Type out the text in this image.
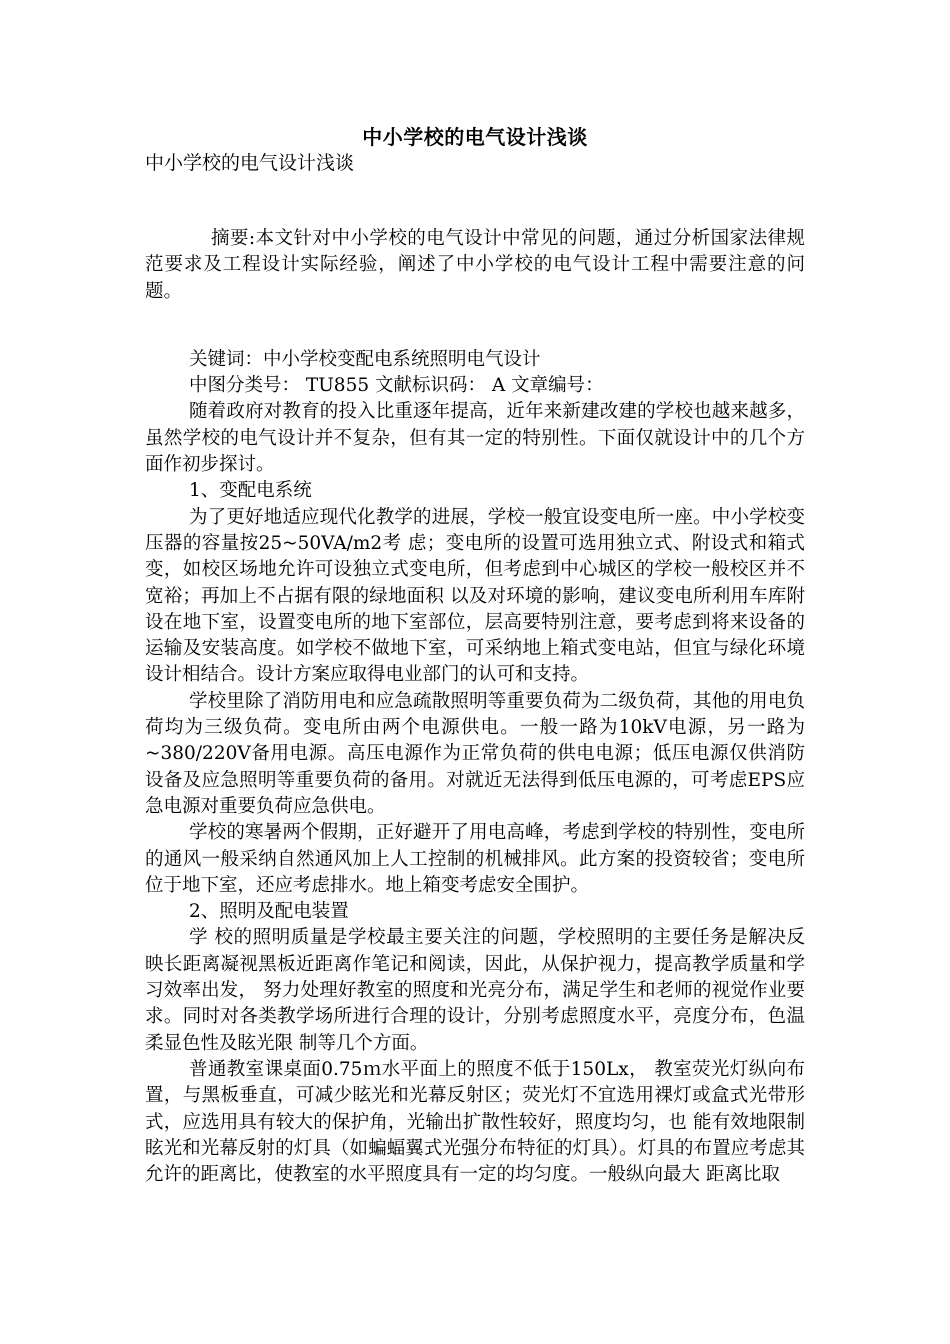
中小学校的电气设计浅谈
中小学校的电气设计浅谈

摘要:本文针对中小学校的电气设计中常见的问题，通过分析国家法律规范要求及工程设计实际经验，阐述了中小学校的电气设计工程中需要注意的问题。

关键词：中小学校变配电系统照明电气设计

中图分类号： TU855 文献标识码： A 文章编号：

随着政府对教育的投入比重逐年提高，近年来新建改建的学校也越来越多，虽然学校的电气设计并不复杂，但有其一定的特别性。下面仅就设计中的几个方面作初步探讨。

1、变配电系统

为了更好地适应现代化教学的进展，学校一般宜设变电所一座。中小学校变压器的容量按25~50VA/m2考 虑；变电所的设置可选用独立式、附设式和箱式变，如校区场地允许可设独立式变电所，但考虑到中心城区的学校一般校区并不宽裕；再加上不占据有限的绿地面积 以及对环境的影响，建议变电所利用车库附设在地下室，设置变电所的地下室部位，层高要特别注意，要考虑到将来设备的运输及安装高度。如学校不做地下室，可采纳地上箱式变电站，但宜与绿化环境设计相结合。设计方案应取得电业部门的认可和支持。

学校里除了消防用电和应急疏散照明等重要负荷为二级负荷，其他的用电负荷均为三级负荷。变电所由两个电源供电。一般一路为10kV电源，另一路为~380/220V备用电源。高压电源作为正常负荷的供电电源；低压电源仅供消防设备及应急照明等重要负荷的备用。对就近无法得到低压电源的，可考虑EPS应急电源对重要负荷应急供电。

学校的寒暑两个假期，正好避开了用电高峰，考虑到学校的特别性，变电所的通风一般采纳自然通风加上人工控制的机械排风。此方案的投资较省；变电所位于地下室，还应考虑排水。地上箱变考虑安全围护。

2、照明及配电装置

学 校的照明质量是学校最主要关注的问题，学校照明的主要任务是解决反映长距离凝视黑板近距离作笔记和阅读，因此，从保护视力，提高教学质量和学习效率出发， 努力处理好教室的照度和光亮分布，满足学生和老师的视觉作业要求。同时对各类教学场所进行合理的设计，分别考虑照度水平，亮度分布，色温柔显色性及眩光限 制等几个方面。

普通教室课桌面0.75ｍ水平面上的照度不低于150Lx， 教室荧光灯纵向布置，与黑板垂直，可减少眩光和光幕反射区；荧光灯不宜选用裸灯或盒式光带形式，应选用具有较大的保护角，光输出扩散性较好，照度均匀，也 能有效地限制眩光和光幕反射的灯具（如蝙蝠翼式光强分布特征的灯具）。灯具的布置应考虑其允许的距离比，使教室的水平照度具有一定的均匀度。一般纵向最大 距离比取
